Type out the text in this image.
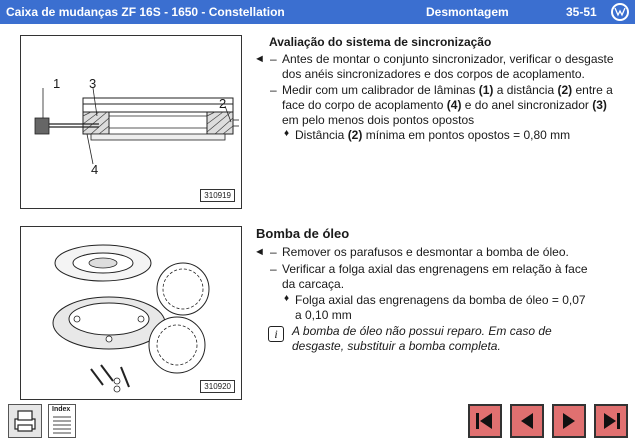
Caixa de mudanças ZF 16S - 1650 - Constellation	Desmontagem	35-51
1 3
2
4
310919
Avaliação do sistema de sincronização
◄ – Antes de montar o conjunto sincronizador, verificar o desgaste dos anéis sincronizadores e dos corpos de acoplamento.
– Medir com um calibrador de lâminas (1) a distância (2) entre a face do corpo de acoplamento (4) e do anel sincronizador (3) em pelo menos dois pontos opostos
♦ Distância (2) mínima em pontos opostos = 0,80 mm
310920
Bomba de óleo
◄ – Remover os parafusos e desmontar a bomba de óleo.
– Verificar a folga axial das engrenagens em relação à face da carcaça.
♦ Folga axial das engrenagens da bomba de óleo = 0,07 a 0,10 mm
i	A bomba de óleo não possui reparo. Em caso de desgaste, substituir a bomba completa.
Index
